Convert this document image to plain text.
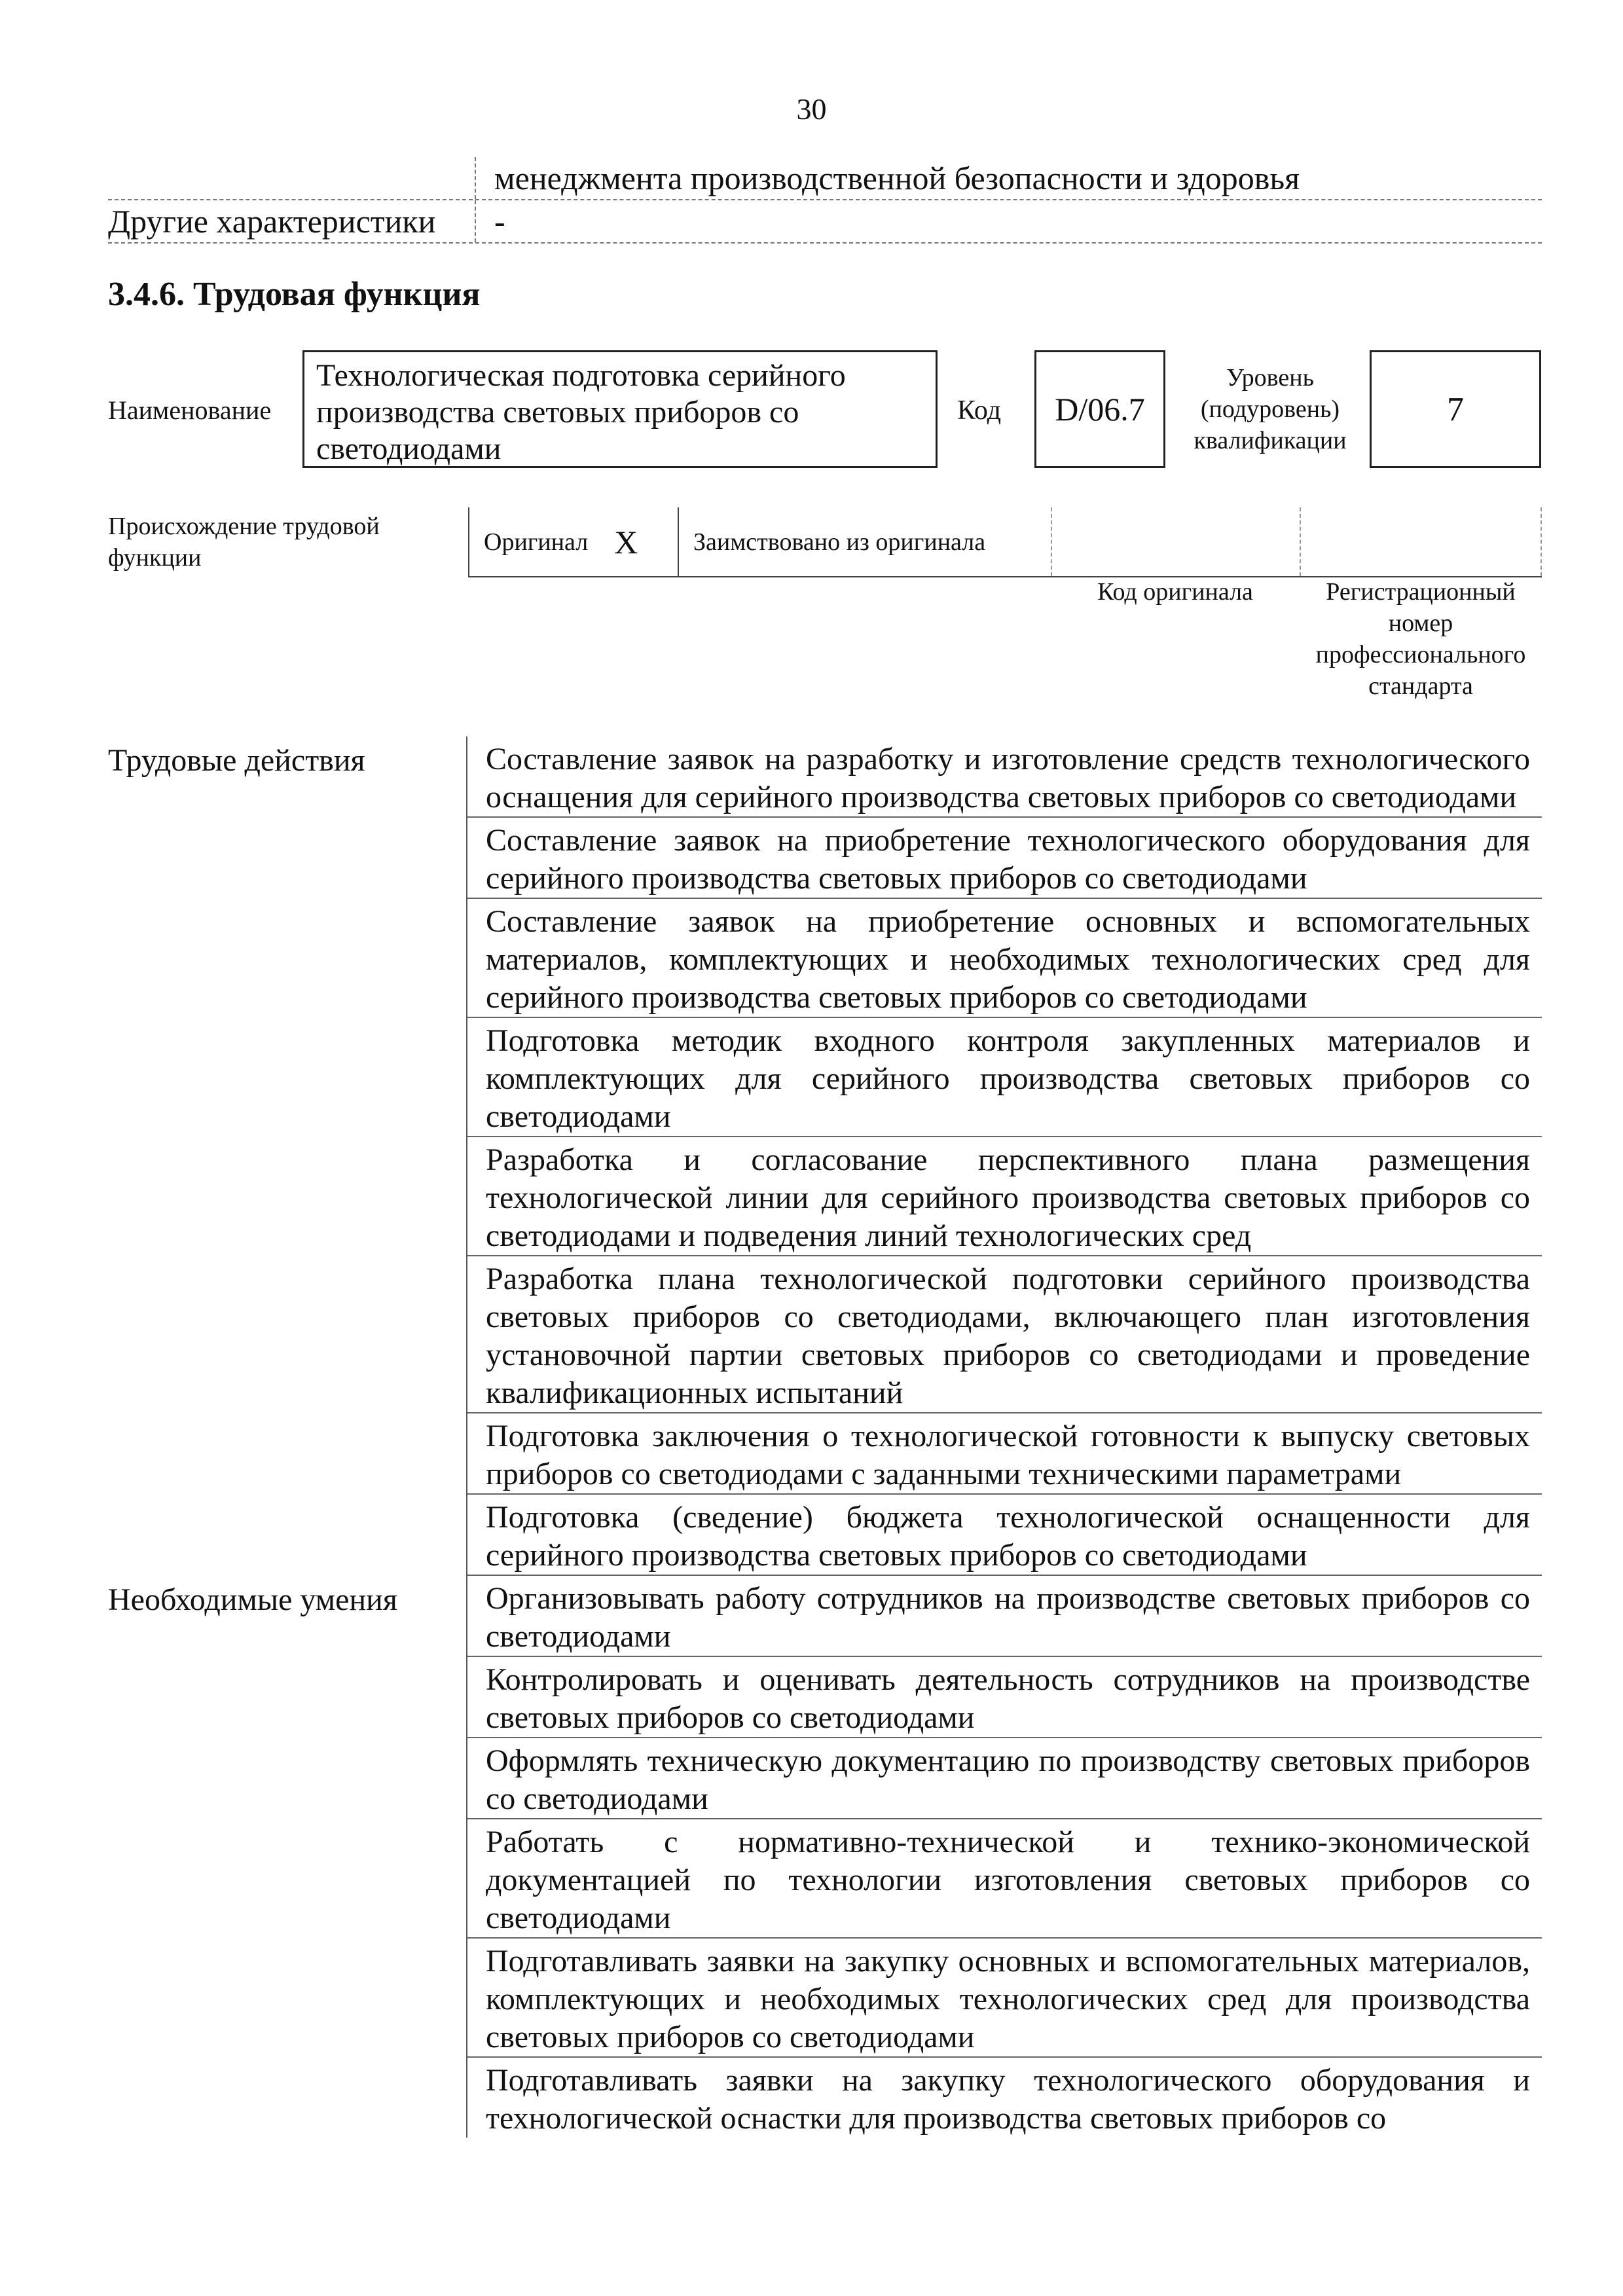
30
менеджмента производственной безопасности и здоровья
Другие характеристики	-
3.4.6. Трудовая функция
Наименование
Технологическая подготовка серийного производства световых приборов со светодиодами
Код	D/06.7
Уровень (подуровень) квалификации
7
Происхождение трудовой функции
Оригинал X Заимствовано из оригинала
Код оригинала	Регистрационный номер профессионального стандарта
Трудовые действия	Составление заявок на разработку и изготовление средств технологического оснащения для серийного производства световых приборов со светодиодами
Составление заявок на приобретение технологического оборудования для серийного производства световых приборов со светодиодами
Составление заявок на приобретение основных и вспомогательных материалов, комплектующих и необходимых технологических сред для серийного производства световых приборов со светодиодами
Подготовка методик входного контроля закупленных материалов и комплектующих для серийного производства световых приборов со светодиодами
Разработка и согласование перспективного плана размещения технологической линии для серийного производства световых приборов со светодиодами и подведения линий технологических сред
Разработка плана технологической подготовки серийного производства световых приборов со светодиодами, включающего план изготовления установочной партии световых приборов со светодиодами и проведение квалификационных испытаний
Подготовка заключения о технологической готовности к выпуску световых приборов со светодиодами с заданными техническими параметрами
Подготовка (сведение) бюджета технологической оснащенности для серийного производства световых приборов со светодиодами
Необходимые умения	Организовывать работу сотрудников на производстве световых приборов со светодиодами
Контролировать и оценивать деятельность сотрудников на производстве световых приборов со светодиодами
Оформлять техническую документацию по производству световых приборов со светодиодами
Работать с нормативно-технической и технико-экономической документацией по технологии изготовления световых приборов со светодиодами
Подготавливать заявки на закупку основных и вспомогательных материалов, комплектующих и необходимых технологических сред для производства световых приборов со светодиодами
Подготавливать заявки на закупку технологического оборудования и технологической оснастки для производства световых приборов со
